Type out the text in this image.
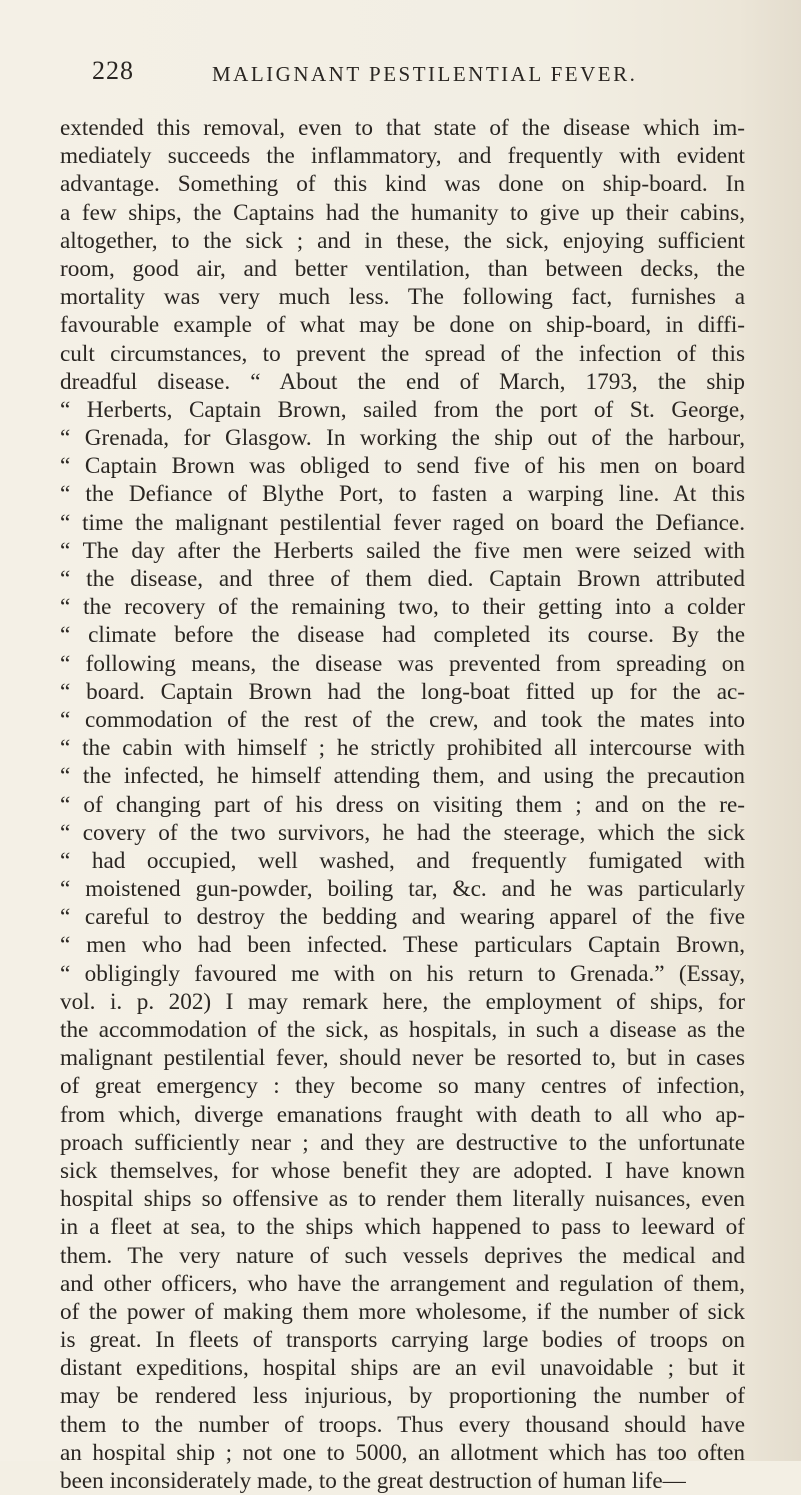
228	MALIGNANT PESTILENTIAL FEVER.
extended this removal, even to that state of the disease which im-
mediately succeeds the inflammatory, and frequently with evident
advantage. Something of this kind was done on ship-board. In
a few ships, the Captains had the humanity to give up their cabins,
altogether, to the sick ; and in these, the sick, enjoying sufficient
room, good air, and better ventilation, than between decks, the
mortality was very much less. The following fact, furnishes a
favourable example of what may be done on ship-board, in diffi-
cult circumstances, to prevent the spread of the infection of this
dreadful disease. “ About the end of March, 1793, the ship
“ Herberts, Captain Brown, sailed from the port of St. George,
“ Grenada, for Glasgow. In working the ship out of the harbour,
“ Captain Brown was obliged to send five of his men on board
“ the Defiance of Blythe Port, to fasten a warping line. At this
“ time the malignant pestilential fever raged on board the Defiance.
“ The day after the Herberts sailed the five men were seized with
“ the disease, and three of them died. Captain Brown attributed
“ the recovery of the remaining two, to their getting into a colder
“ climate before the disease had completed its course. By the
“ following means, the disease was prevented from spreading on
“ board. Captain Brown had the long-boat fitted up for the ac-
“ commodation of the rest of the crew, and took the mates into
“ the cabin with himself ; he strictly prohibited all intercourse with
“ the infected, he himself attending them, and using the precaution
“ of changing part of his dress on visiting them ; and on the re-
“ covery of the two survivors, he had the steerage, which the sick
“ had occupied, well washed, and frequently fumigated with
“ moistened gun-powder, boiling tar, &c. and he was particularly
“ careful to destroy the bedding and wearing apparel of the five
“ men who had been infected. These particulars Captain Brown,
“ obligingly favoured me with on his return to Grenada.” (Essay,
vol. i. p. 202) I may remark here, the employment of ships, for
the accommodation of the sick, as hospitals, in such a disease as the
malignant pestilential fever, should never be resorted to, but in cases
of great emergency : they become so many centres of infection,
from which, diverge emanations fraught with death to all who ap-
proach sufficiently near ; and they are destructive to the unfortunate
sick themselves, for whose benefit they are adopted. I have known
hospital ships so offensive as to render them literally nuisances, even
in a fleet at sea, to the ships which happened to pass to leeward of
them. The very nature of such vessels deprives the medical and
and other officers, who have the arrangement and regulation of them,
of the power of making them more wholesome, if the number of sick
is great. In fleets of transports carrying large bodies of troops on
distant expeditions, hospital ships are an evil unavoidable ; but it
may be rendered less injurious, by proportioning the number of
them to the number of troops. Thus every thousand should have
an hospital ship ; not one to 5000, an allotment which has too often
been inconsiderately made, to the great destruction of human life—
